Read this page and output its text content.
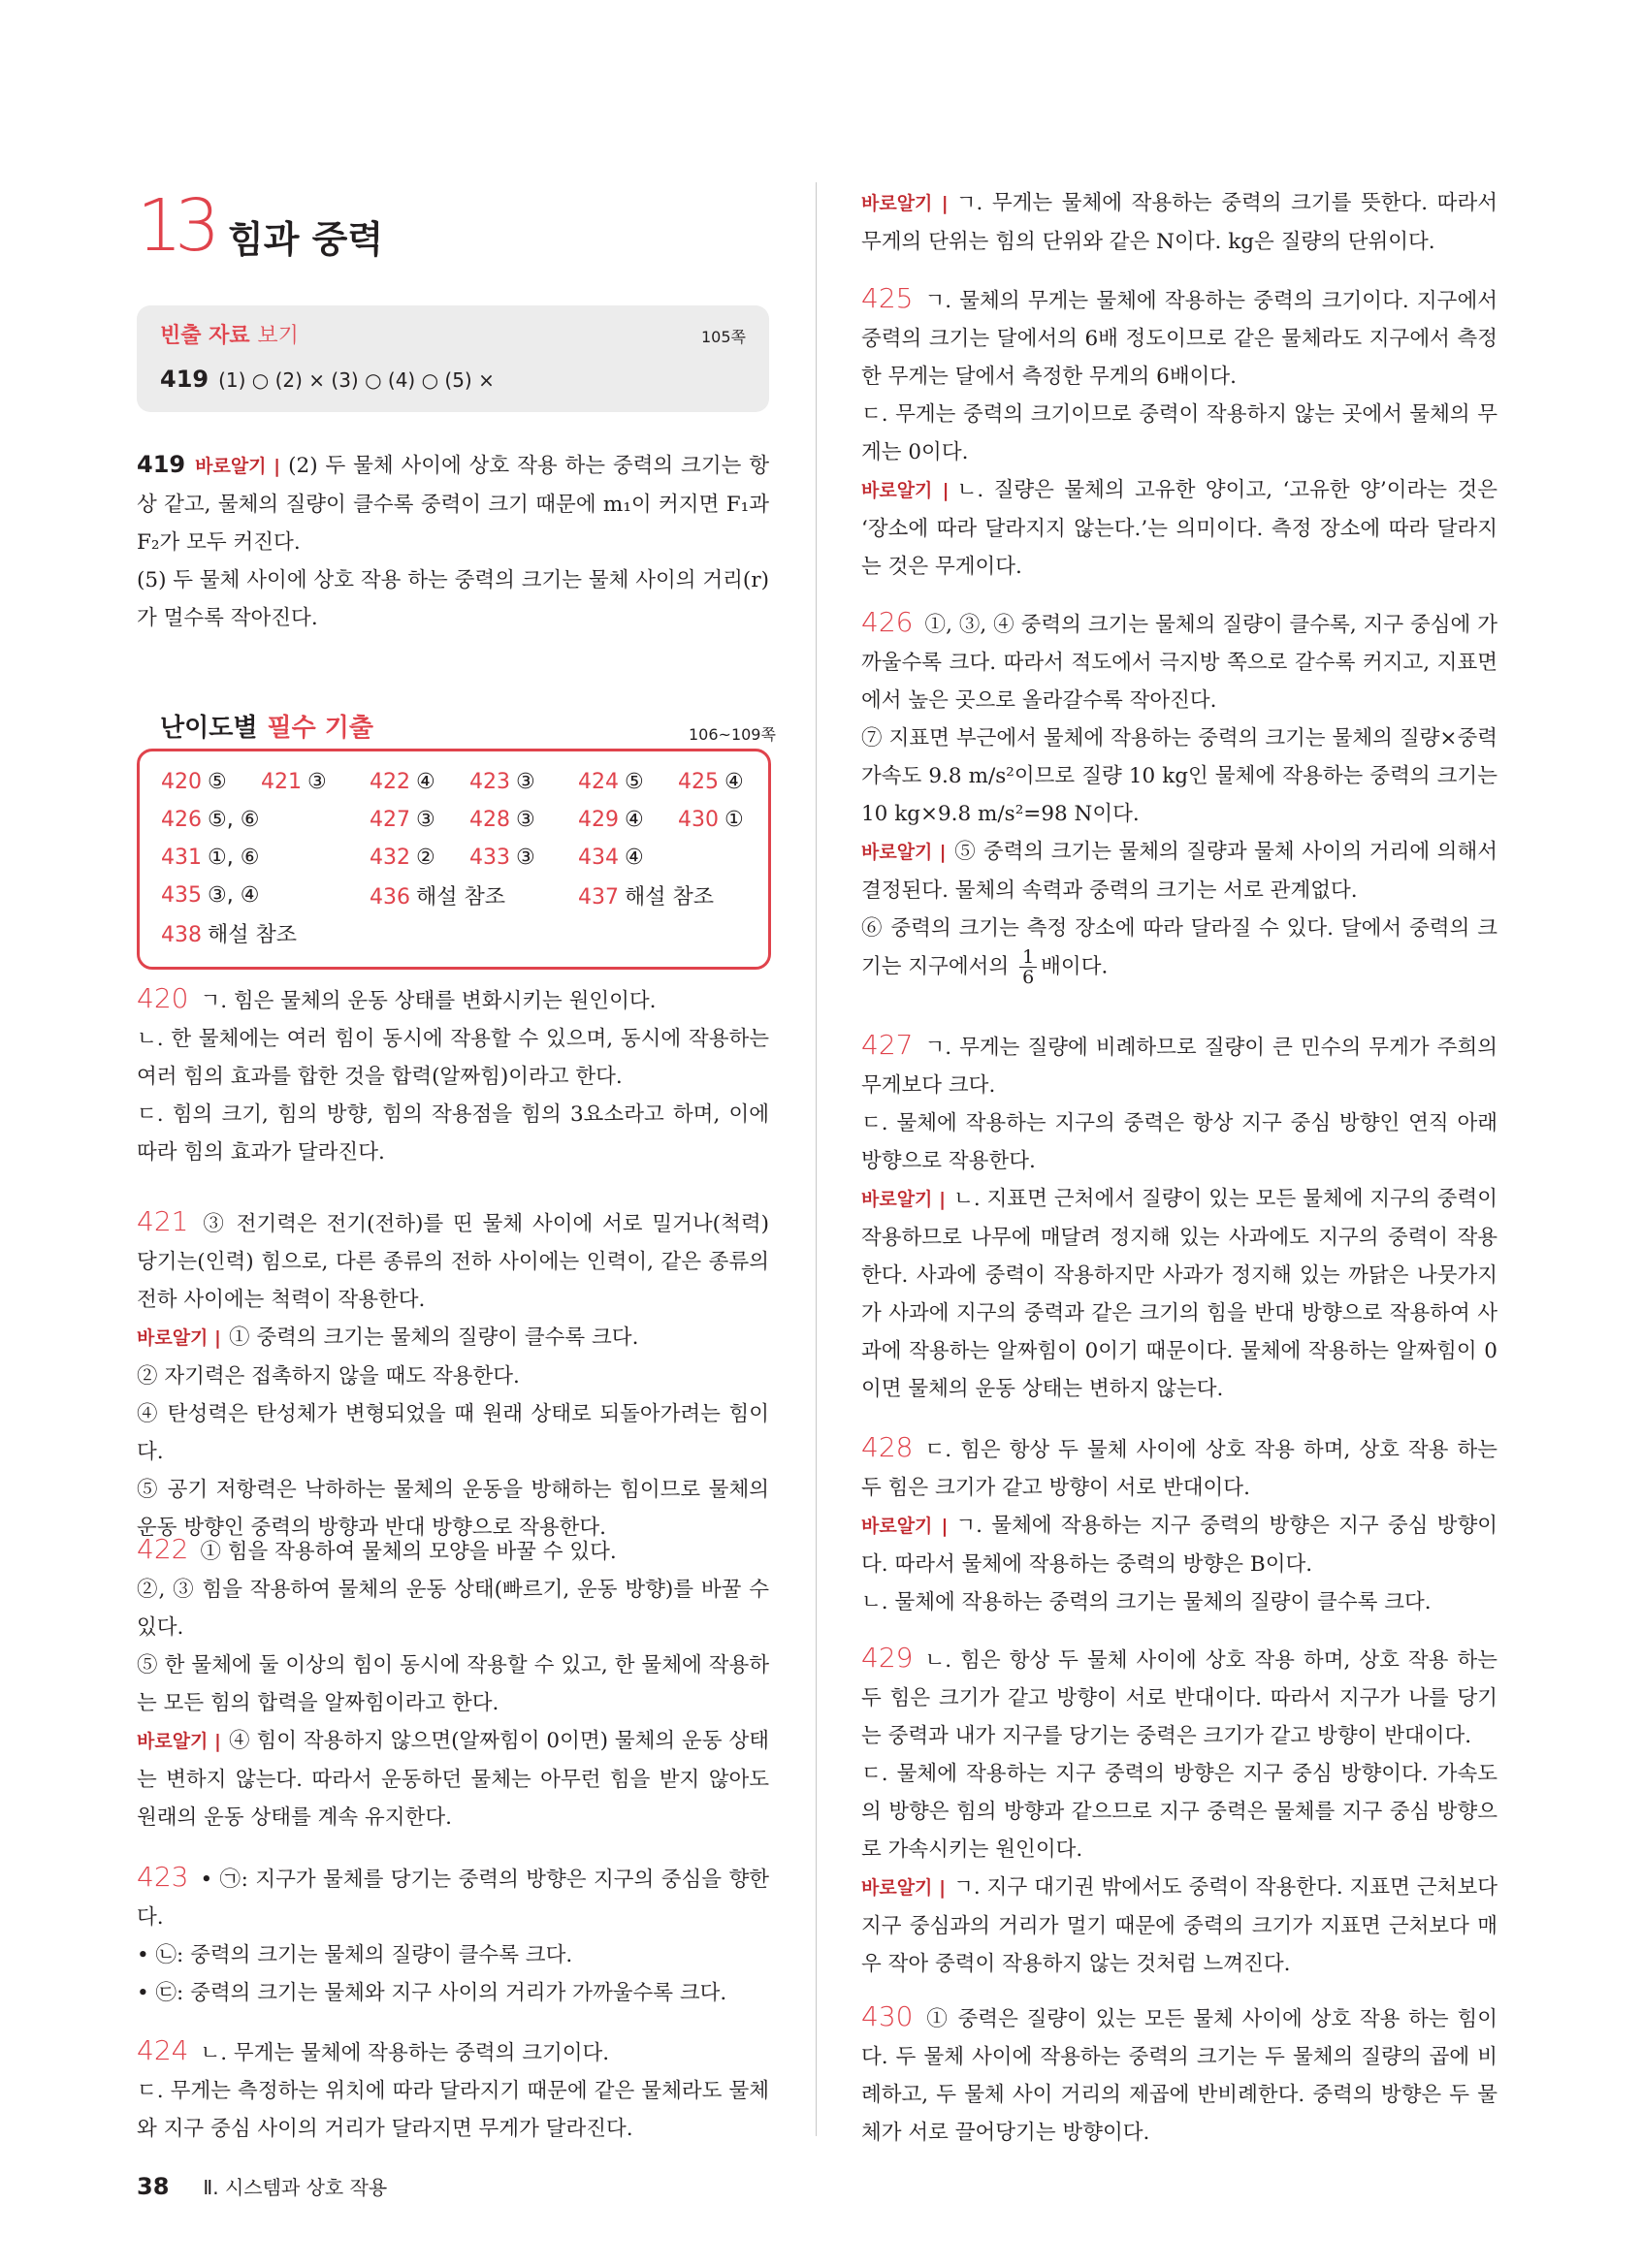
13 힘과 중력
빈출 자료 보기	105쪽
419 (1) ○ (2) × (3) ○ (4) ○ (5) ×

419 바로알기 | (2) 두 물체 사이에 상호 작용 하는 중력의 크기는 항상 같고, 물체의 질량이 클수록 중력이 크기 때문에 m₁이 커지면 F₁과 F₂가 모두 커진다.

(5) 두 물체 사이에 상호 작용 하는 중력의 크기는 물체 사이의 거리(r)가 멀수록 작아진다.

420 ㄱ. 힘은 물체의 운동 상태를 변화시키는 원인이다.

ㄴ. 한 물체에는 여러 힘이 동시에 작용할 수 있으며, 동시에 작용하는 여러 힘의 효과를 합한 것을 합력(알짜힘)이라고 한다.

ㄷ. 힘의 크기, 힘의 방향, 힘의 작용점을 힘의 3요소라고 하며, 이에 따라 힘의 효과가 달라진다.

421 ③ 전기력은 전기(전하)를 띤 물체 사이에 서로 밀거나(척력) 당기는(인력) 힘으로, 다른 종류의 전하 사이에는 인력이, 같은 종류의 전하 사이에는 척력이 작용한다.

바로알기 | ① 중력의 크기는 물체의 질량이 클수록 크다.

② 자기력은 접촉하지 않을 때도 작용한다.

④ 탄성력은 탄성체가 변형되었을 때 원래 상태로 되돌아가려는 힘이다.

⑤ 공기 저항력은 낙하하는 물체의 운동을 방해하는 힘이므로 물체의 운동 방향인 중력의 방향과 반대 방향으로 작용한다.

422 ① 힘을 작용하여 물체의 모양을 바꿀 수 있다.

②, ③ 힘을 작용하여 물체의 운동 상태(빠르기, 운동 방향)를 바꿀 수 있다.

⑤ 한 물체에 둘 이상의 힘이 동시에 작용할 수 있고, 한 물체에 작용하는 모든 힘의 합력을 알짜힘이라고 한다.

바로알기 | ④ 힘이 작용하지 않으면(알짜힘이 0이면) 물체의 운동 상태는 변하지 않는다. 따라서 운동하던 물체는 아무런 힘을 받지 않아도 원래의 운동 상태를 계속 유지한다.

423 • ㉠: 지구가 물체를 당기는 중력의 방향은 지구의 중심을 향한다.

• ㉡: 중력의 크기는 물체의 질량이 클수록 크다.

• ㉢: 중력의 크기는 물체와 지구 사이의 거리가 가까울수록 크다.

424 ㄴ. 무게는 물체에 작용하는 중력의 크기이다.

ㄷ. 무게는 측정하는 위치에 따라 달라지기 때문에 같은 물체라도 물체와 지구 중심 사이의 거리가 달라지면 무게가 달라진다.

난이도별 필수 기출	106~109쪽
420 ⑤ 421 ③ 422 ④ 423 ③ 424 ⑤ 425 ④
426 ⑤, ⑥	427 ③ 428 ③ 429 ④ 430 ①
431 ①, ⑥	432 ② 433 ③ 434 ④
435 ③, ④	436 해설 참조	437 해설 참조
438 해설 참조

바로알기 | ㄱ. 무게는 물체에 작용하는 중력의 크기를 뜻한다. 따라서 무게의 단위는 힘의 단위와 같은 N이다. kg은 질량의 단위이다.

425 ㄱ. 물체의 무게는 물체에 작용하는 중력의 크기이다. 지구에서 중력의 크기는 달에서의 6배 정도이므로 같은 물체라도 지구에서 측정한 무게는 달에서 측정한 무게의 6배이다.

ㄷ. 무게는 중력의 크기이므로 중력이 작용하지 않는 곳에서 물체의 무게는 0이다.

바로알기 | ㄴ. 질량은 물체의 고유한 양이고, ‘고유한 양’이라는 것은 ‘장소에 따라 달라지지 않는다.’는 의미이다. 측정 장소에 따라 달라지는 것은 무게이다.

426 ①, ③, ④ 중력의 크기는 물체의 질량이 클수록, 지구 중심에 가까울수록 크다. 따라서 적도에서 극지방 쪽으로 갈수록 커지고, 지표면에서 높은 곳으로 올라갈수록 작아진다.

⑦ 지표면 부근에서 물체에 작용하는 중력의 크기는 물체의 질량×중력 가속도 9.8 m/s²이므로 질량 10 kg인 물체에 작용하는 중력의 크기는 10 kg×9.8 m/s²=98 N이다.

바로알기 | ⑤ 중력의 크기는 물체의 질량과 물체 사이의 거리에 의해서 결정된다. 물체의 속력과 중력의 크기는 서로 관계없다.

⑥ 중력의 크기는 측정 장소에 따라 달라질 수 있다. 달에서 중력의 크기는 지구에서의 $\frac{1}{6}$ 배이다.

427 ㄱ. 무게는 질량에 비례하므로 질량이 큰 민수의 무게가 주희의 무게보다 크다.

ㄷ. 물체에 작용하는 지구의 중력은 항상 지구 중심 방향인 연직 아래 방향으로 작용한다.

바로알기 | ㄴ. 지표면 근처에서 질량이 있는 모든 물체에 지구의 중력이 작용하므로 나무에 매달려 정지해 있는 사과에도 지구의 중력이 작용한다. 사과에 중력이 작용하지만 사과가 정지해 있는 까닭은 나뭇가지가 사과에 지구의 중력과 같은 크기의 힘을 반대 방향으로 작용하여 사과에 작용하는 알짜힘이 0이기 때문이다. 물체에 작용하는 알짜힘이 0이면 물체의 운동 상태는 변하지 않는다.

428 ㄷ. 힘은 항상 두 물체 사이에 상호 작용 하며, 상호 작용 하는 두 힘은 크기가 같고 방향이 서로 반대이다.

바로알기 | ㄱ. 물체에 작용하는 지구 중력의 방향은 지구 중심 방향이다. 따라서 물체에 작용하는 중력의 방향은 B이다.

ㄴ. 물체에 작용하는 중력의 크기는 물체의 질량이 클수록 크다.

429 ㄴ. 힘은 항상 두 물체 사이에 상호 작용 하며, 상호 작용 하는 두 힘은 크기가 같고 방향이 서로 반대이다. 따라서 지구가 나를 당기는 중력과 내가 지구를 당기는 중력은 크기가 같고 방향이 반대이다.

ㄷ. 물체에 작용하는 지구 중력의 방향은 지구 중심 방향이다. 가속도의 방향은 힘의 방향과 같으므로 지구 중력은 물체를 지구 중심 방향으로 가속시키는 원인이다.

바로알기 | ㄱ. 지구 대기권 밖에서도 중력이 작용한다. 지표면 근처보다 지구 중심과의 거리가 멀기 때문에 중력의 크기가 지표면 근처보다 매우 작아 중력이 작용하지 않는 것처럼 느껴진다.

430 ① 중력은 질량이 있는 모든 물체 사이에 상호 작용 하는 힘이다. 두 물체 사이에 작용하는 중력의 크기는 두 물체의 질량의 곱에 비례하고, 두 물체 사이 거리의 제곱에 반비례한다. 중력의 방향은 두 물체가 서로 끌어당기는 방향이다.

38 Ⅱ. 시스템과 상호 작용
